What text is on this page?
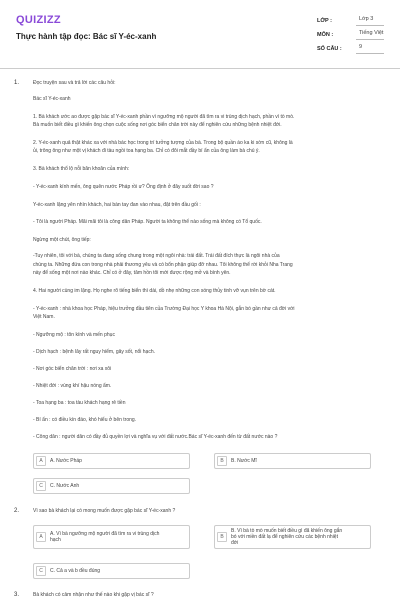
QUIZIZZ
Thực hành tập đọc: Bác sĩ Y-éc-xanh
LỚP :	Lớp 3
MÔN :	Tiếng Việt
SỐ CÂU :	9
1.	Đọc truyện sau và trả lời các câu hỏi:
Bác sĩ Y-éc-xanh
1. Bà khách ước ao được gặp bác sĩ Y-éc-xanh phần vì ngưỡng mộ người đã tìm ra vi trùng dịch hạch, phần vì tò mò.
Bà muốn biết điều gì khiến ông chọn cuộc sống nơi góc biển chân trời này để nghiên cứu những bệnh nhiệt đới.
2. Y-éc-xanh quả thật khác xa với nhà bác học trong trí tưởng tượng của bà. Trong bộ quần áo ka ki sờn cũ, không là
ủi, trông ông như một vị khách đi tàu ngồi toa hạng ba. Chỉ có đôi mắt đầy bí ẩn của ông làm bà chú ý.
3. Bà khách thổ lộ nỗi băn khoăn của mình:
- Y-éc-xanh kính mến, ông quên nước Pháp rồi ư? Ông định ở đây suốt đời sao ?
Y-éc-xanh lặng yên nhìn khách, hai bàn tay đan vào nhau, đặt trên đầu gối :
- Tôi là người Pháp. Mãi mãi tôi là công dân Pháp. Người ta không thể nào sống mà không có Tổ quốc.
Ngừng một chút, ông tiếp:
-Tuy nhiên, tôi với bà, chúng ta đang sống chung trong một ngôi nhà: trái đất. Trái đất đích thực là ngôi nhà của
chúng ta. Những đứa con trong nhà phải thương yêu và có bổn phận giúp đỡ nhau. Tôi không thể rời khỏi Nha Trang
này để sống một nơi nào khác. Chỉ có ở đây, tâm hồn tôi mới được rộng mở và bình yên.
4. Hai người cùng im lặng. Họ nghe rõ tiếng biển thì dài, dồ nhẹ những con sóng thủy tinh vỡ vụn trên bờ cát.
- Y-éc-xanh : nhà khoa học Pháp, hiệu trưởng đầu tiên của Trường Đại học Y khoa Hà Nội, gắn bó gần như cả đời với
Việt Nam.
- Ngưỡng mộ : tôn kính và mến phục
- Dịch hạch : bệnh lây rất nguy hiểm, gây sốt, nổi hạch.
- Nơi góc biển chân trời : nơi xa xôi
- Nhiệt đới : vùng khí hậu nóng ẩm.
- Toa hạng ba : toa tàu khách hạng rẻ tiền
- Bí ẩn : có điều kín đáo, khó hiểu ở bên trong.
- Công dân : người dân có đầy đủ quyền lợi và nghĩa vụ với đất nước.Bác sĩ Y-éc-xanh đến từ đất nước nào ?
A	A. Nước Pháp	B	B. Nước Mĩ
C	C. Nước Anh
2.	Vì sao bà khách lại có mong muốn được gặp bác sĩ Y-éc-xanh ?
A	A. Vì bà ngưỡng mộ người đã tìm ra vi trùng dịch
hạch	B
B. Vì bà tò mò muốn biết điều gì đã khiến ông gắn
bó với miền đất lạ để nghiên cứu các bệnh nhiệt
đới
C	C. Cả a và b đều đúng
3.	Bà khách có cảm nhận như thế nào khi gặp vị bác sĩ ?
